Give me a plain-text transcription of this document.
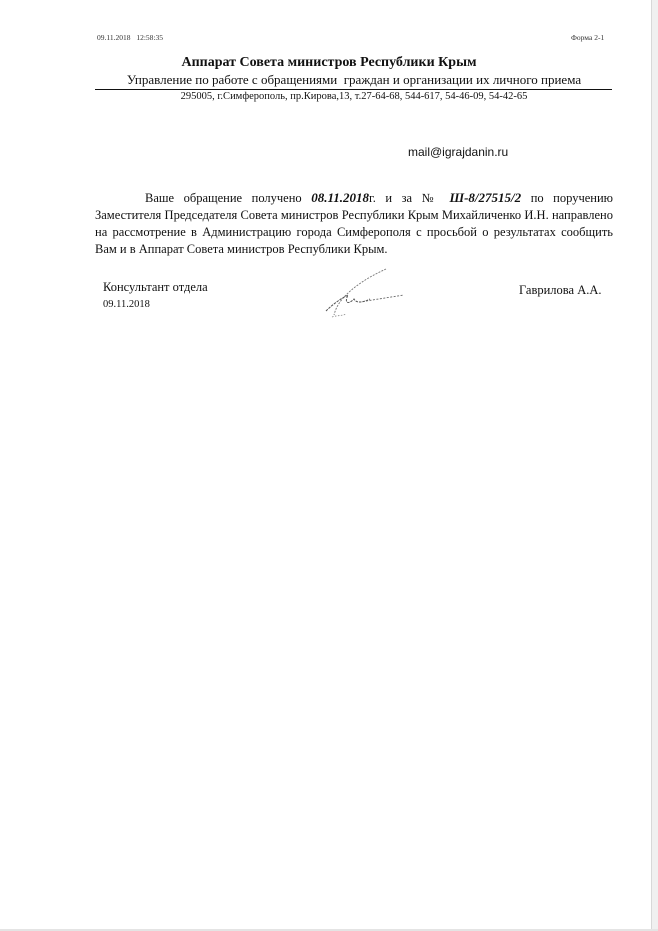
09.11.2018 12:58:35	Форма 2-1
Аппарат Совета министров Республики Крым
Управление по работе с обращениями  граждан и организации их личного приема
295005, г.Симферополь, пр.Кирова,13, т.27-64-68, 544-617, 54-46-09, 54-42-65
mail@igrajdanin.ru
Ваше обращение получено 08.11.2018г. и за № Ш-8/27515/2 по поручению Заместителя Председателя Совета министров Республики Крым Михайличенко И.Н. направлено на рассмотрение в Администрацию города Симферополя с просьбой о результатах сообщить Вам и в Аппарат Совета министров Республики Крым.
Консультант отдела
09.11.2018
Гаврилова А.А.
